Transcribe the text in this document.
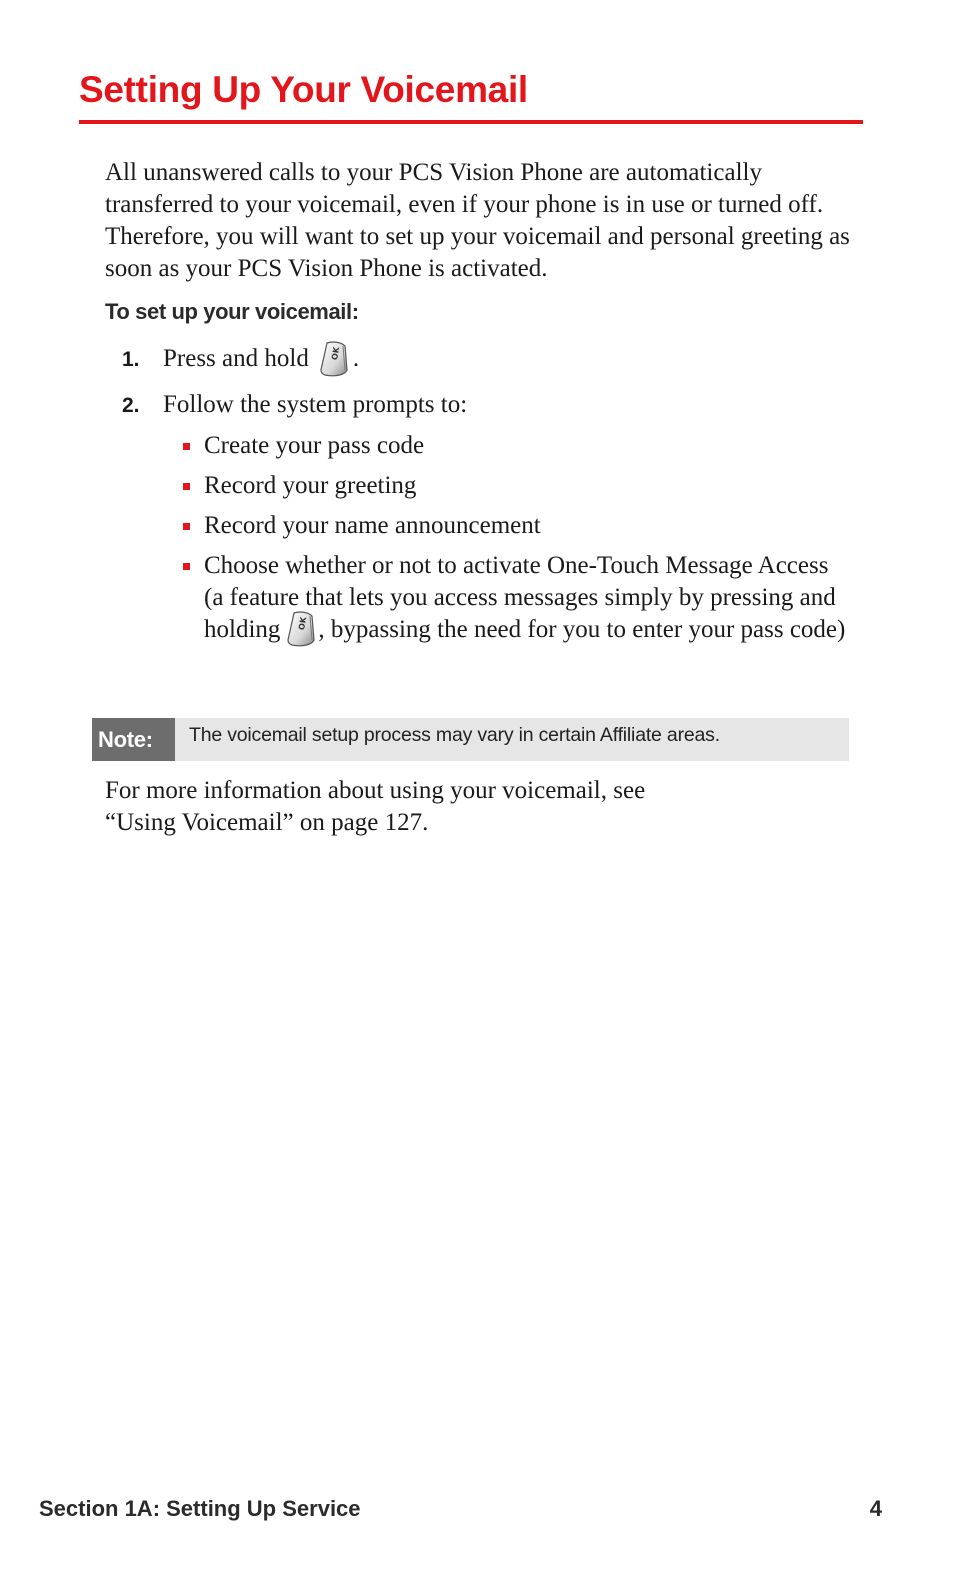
Setting Up Your Voicemail

All unanswered calls to your PCS Vision Phone are automatically transferred to your voicemail, even if your phone is in use or turned off. Therefore, you will want to set up your voicemail and personal greeting as soon as your PCS Vision Phone is activated.

To set up your voicemail:

1. Press and hold	OK .
2. Follow the system prompts to:
Create your pass code
Record your greeting
Record your name announcement
Choose whether or not to activate One-Touch Message Access (a feature that lets you access messages simply by pressing and holding OK , bypassing the need for you to enter your pass code)
Note:	The voicemail setup process may vary in certain Affiliate areas.

For more information about using your voicemail, see
“Using Voicemail” on page 127.

Section 1A: Setting Up Service	4
